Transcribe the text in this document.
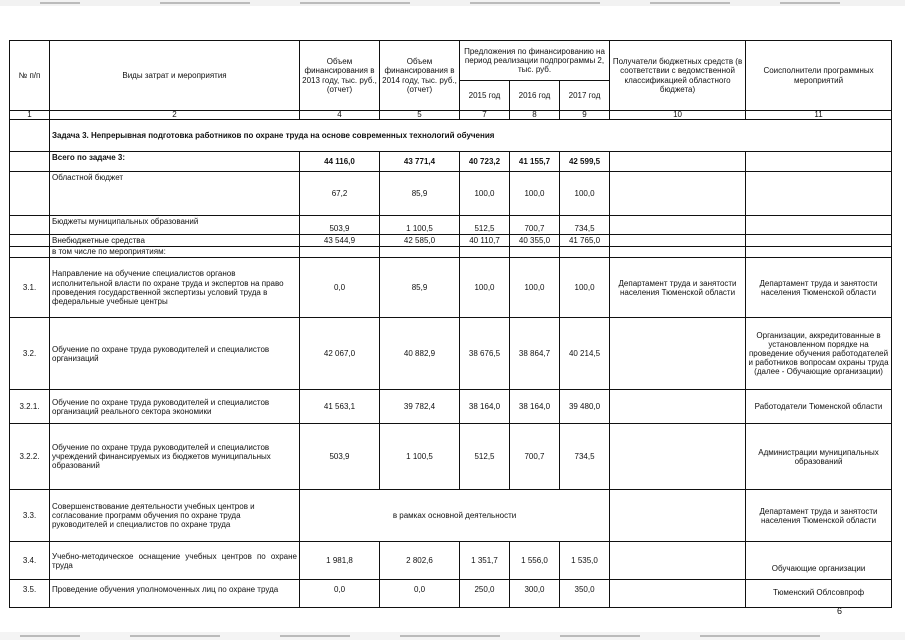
№ п/п	Виды затрат и мероприятия	Объем финансирования в 2013 году, тыс. руб., (отчет)	Объем финансирования в 2014 году, тыс. руб., (отчет)	Предложения по финансированию на период реализации подпрограммы 2, тыс. руб.			Получатели бюджетных средств (в соответствии с ведомственной классификацией областного бюджета)	Соисполнители программных мероприятий
				2015 год	2016 год	2017 год		
1	2	4	5	7	8	9	10	11
	Задача 3. Непрерывная подготовка работников по охране труда на основе современных технологий обучения							
	Всего по задаче 3:	44 116,0	43 771,4	40 723,2	41 155,7	42 599,5		
	Областной бюджет	67,2	85,9	100,0	100,0	100,0		
	Бюджеты муниципальных образований	503,9	1 100,5	512,5	700,7	734,5		
	Внебюджетные средства	43 544,9	42 585,0	40 110,7	40 355,0	41 765,0		
	в том числе по мероприятиям:							
3.1.	Направление на обучение специалистов органов исполнительной власти по охране труда и экспертов на право проведения государственной экспертизы условий труда в федеральные учебные центры	0,0	85,9	100,0	100,0	100,0	Департамент труда и занятости населения Тюменской области	Департамент труда и занятости населения Тюменской области
3.2.	Обучение по охране труда руководителей и специалистов организаций	42 067,0	40 882,9	38 676,5	38 864,7	40 214,5		Организации, аккредитованные в установленном порядке на проведение обучения работодателей и работников вопросам охраны труда (далее - Обучающие организации)
3.2.1.	Обучение по охране труда руководителей и специалистов организаций реального сектора экономики	41 563,1	39 782,4	38 164,0	38 164,0	39 480,0		Работодатели Тюменской области
3.2.2.	Обучение по охране труда руководителей и специалистов учреждений финансируемых из бюджетов муниципальных образований	503,9	1 100,5	512,5	700,7	734,5		Администрации муниципальных образований
3.3.	Совершенствование деятельности учебных центров и согласование программ обучения по охране труда руководителей и специалистов по охране труда	в рамках основной деятельности						Департамент труда и занятости населения Тюменской области
3.4.	Учебно-методическое оснащение учебных центров по охране труда	1 981,8	2 802,6	1 351,7	1 556,0	1 535,0		Обучающие организации
3.5.	Проведение обучения уполномоченных лиц по охране труда	0,0	0,0	250,0	300,0	350,0		Тюменский Облсовпроф
6
